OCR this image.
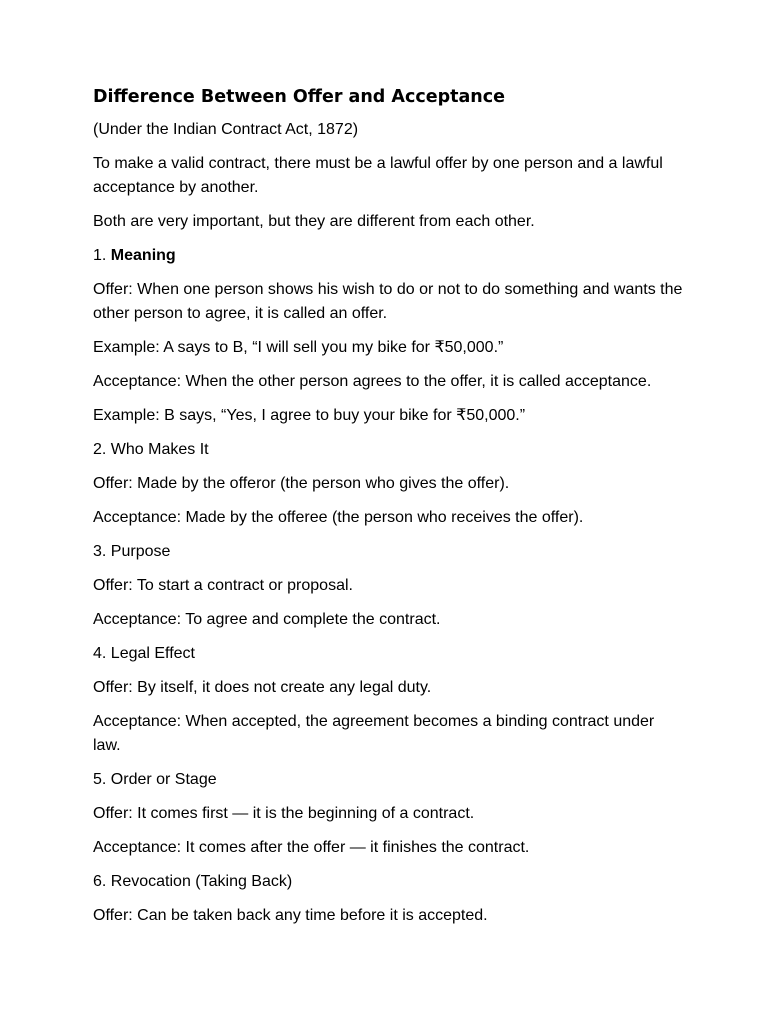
Difference Between Offer and Acceptance
(Under the Indian Contract Act, 1872)
To make a valid contract, there must be a lawful offer by one person and a lawful acceptance by another.
Both are very important, but they are different from each other.
1. Meaning
Offer: When one person shows his wish to do or not to do something and wants the other person to agree, it is called an offer.
Example: A says to B, “I will sell you my bike for ₹50,000.”
Acceptance: When the other person agrees to the offer, it is called acceptance.
Example: B says, “Yes, I agree to buy your bike for ₹50,000.”
2. Who Makes It
Offer: Made by the offeror (the person who gives the offer).
Acceptance: Made by the offeree (the person who receives the offer).
3. Purpose
Offer: To start a contract or proposal.
Acceptance: To agree and complete the contract.
4. Legal Effect
Offer: By itself, it does not create any legal duty.
Acceptance: When accepted, the agreement becomes a binding contract under law.
5. Order or Stage
Offer: It comes first — it is the beginning of a contract.
Acceptance: It comes after the offer — it finishes the contract.
6. Revocation (Taking Back)
Offer: Can be taken back any time before it is accepted.
